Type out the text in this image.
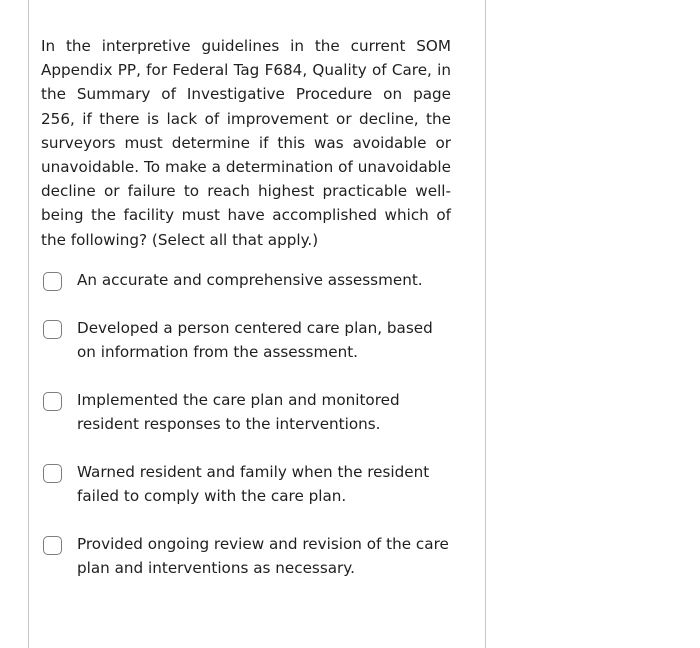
In the interpretive guidelines in the current SOM Appendix PP, for Federal Tag F684, Quality of Care, in the Summary of Investigative Procedure on page 256, if there is lack of improvement or decline, the surveyors must determine if this was avoidable or unavoidable. To make a determination of unavoidable decline or failure to reach highest practicable well-being the facility must have accomplished which of the following? (Select all that apply.)

An accurate and comprehensive assessment.
Developed a person centered care plan, based
on information from the assessment.
Implemented the care plan and monitored
resident responses to the interventions.
Warned resident and family when the resident
failed to comply with the care plan.
Provided ongoing review and revision of the care
plan and interventions as necessary.
